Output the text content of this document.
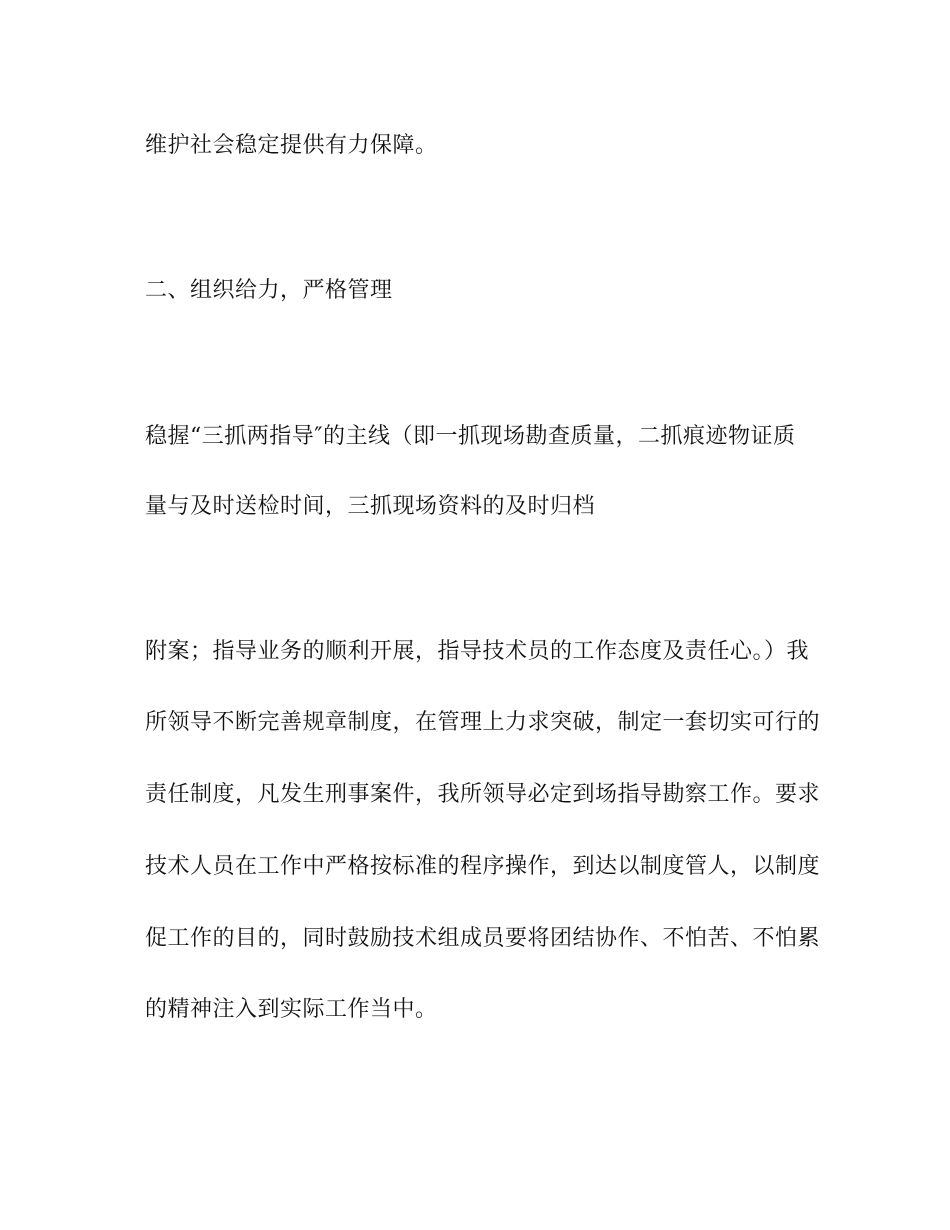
维护社会稳定提供有力保障。
二、组织给力，严格管理
稳握“三抓两指导″的主线（即一抓现场勘查质量，二抓痕迹物证质
量与及时送检时间，三抓现场资料的及时归档
附案；指导业务的顺利开展，指导技术员的工作态度及责任心。）我
所领导不断完善规章制度，在管理上力求突破，制定一套切实可行的
责任制度，凡发生刑事案件，我所领导必定到场指导勘察工作。要求
技术人员在工作中严格按标准的程序操作，到达以制度管人，以制度
促工作的目的，同时鼓励技术组成员要将团结协作、不怕苦、不怕累
的精神注入到实际工作当中。
